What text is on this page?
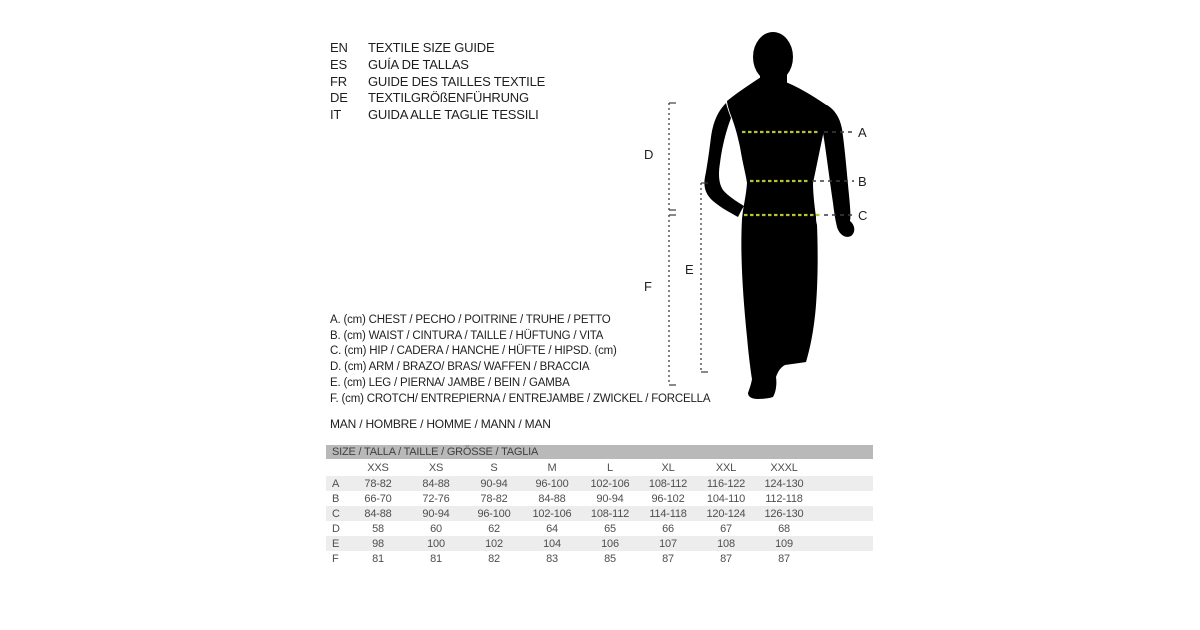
EN	TEXTILE SIZE GUIDE
ES	GUÍA DE TALLAS
FR	GUIDE DES TAILLES TEXTILE
DE	TEXTILGRÖßENFÜHRUNG
IT	GUIDA ALLE TAGLIE TESSILI
A
B
C
D
F
E
A. (cm) CHEST / PECHO / POITRINE / TRUHE / PETTO
B. (cm) WAIST / CINTURA / TAILLE / HÜFTUNG / VITA
C. (cm) HIP / CADERA / HANCHE / HÜFTE / HIPSD. (cm)
D. (cm) ARM / BRAZO/ BRAS/ WAFFEN / BRACCIA
E. (cm) LEG / PIERNA/ JAMBE / BEIN / GAMBA
F. (cm) CROTCH/ ENTREPIERNA / ENTREJAMBE / ZWICKEL / FORCELLA
MAN / HOMBRE / HOMME / MANN / MAN
SIZE / TALLA / TAILLE / GRÖSSE / TAGLIA
	XXS	XS	S	M	L	XL	XXL	XXXL	
A	78-82	84-88	90-94	96-100	102-106	108-112	116-122	124-130	
B	66-70	72-76	78-82	84-88	90-94	96-102	104-110	112-118	
C	84-88	90-94	96-100	102-106	108-112	114-118	120-124	126-130	
D	58	60	62	64	65	66	67	68	
E	98	100	102	104	106	107	108	109	
F	81	81	82	83	85	87	87	87	
